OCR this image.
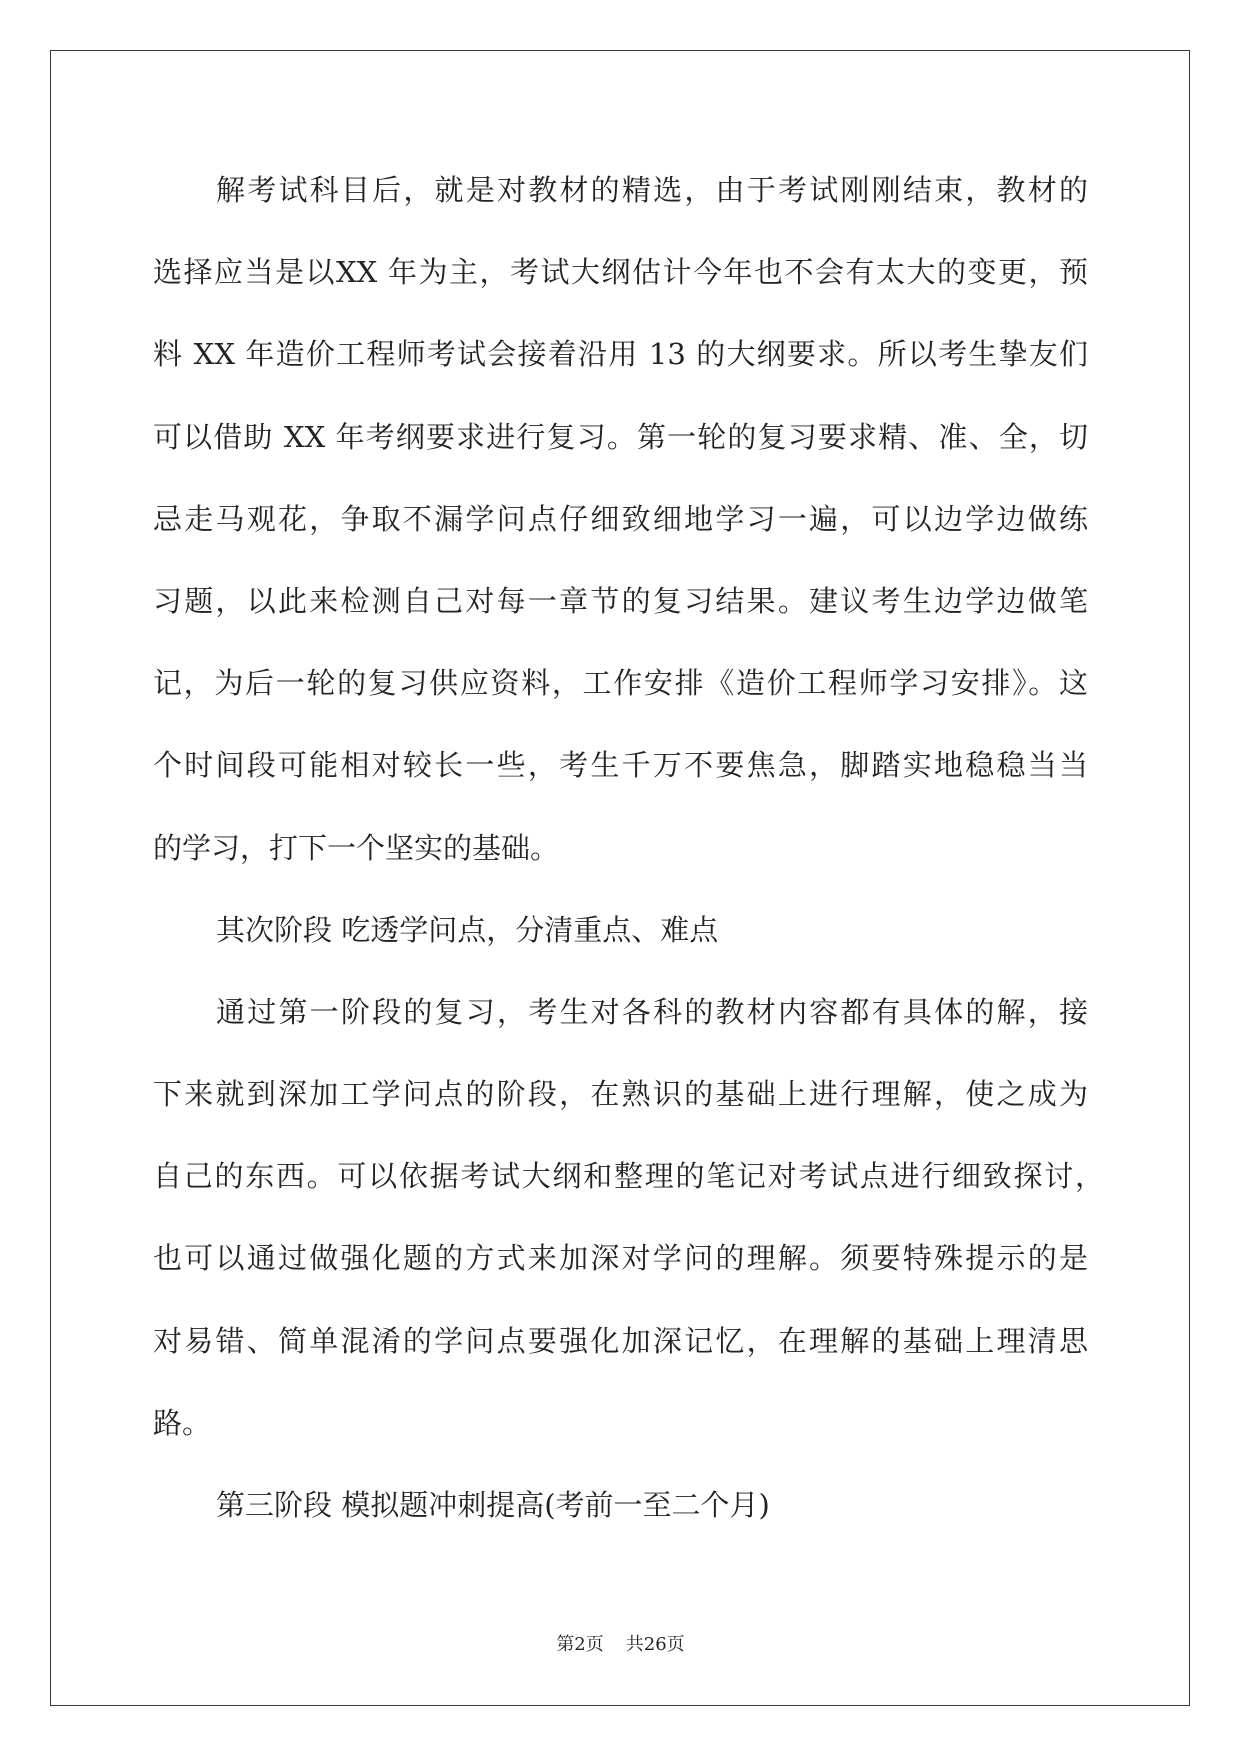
解考试科目后，就是对教材的精选，由于考试刚刚结束，教材的
选择应当是以XX 年为主，考试大纲估计今年也不会有太大的变更，预
料 XX 年造价工程师考试会接着沿用 13 的大纲要求。所以考生挚友们
可以借助 XX 年考纲要求进行复习。第一轮的复习要求精、准、全，切
忌走马观花，争取不漏学问点仔细致细地学习一遍，可以边学边做练
习题，以此来检测自己对每一章节的复习结果。建议考生边学边做笔
记，为后一轮的复习供应资料，工作安排《造价工程师学习安排》。这
个时间段可能相对较长一些，考生千万不要焦急，脚踏实地稳稳当当
的学习，打下一个坚实的基础。
其次阶段 吃透学问点，分清重点、难点
通过第一阶段的复习，考生对各科的教材内容都有具体的解，接
下来就到深加工学问点的阶段，在熟识的基础上进行理解，使之成为
自己的东西。可以依据考试大纲和整理的笔记对考试点进行细致探讨，
也可以通过做强化题的方式来加深对学问的理解。须要特殊提示的是
对易错、简单混淆的学问点要强化加深记忆，在理解的基础上理清思
路。
第三阶段 模拟题冲刺提高(考前一至二个月)
第2页 共26页
